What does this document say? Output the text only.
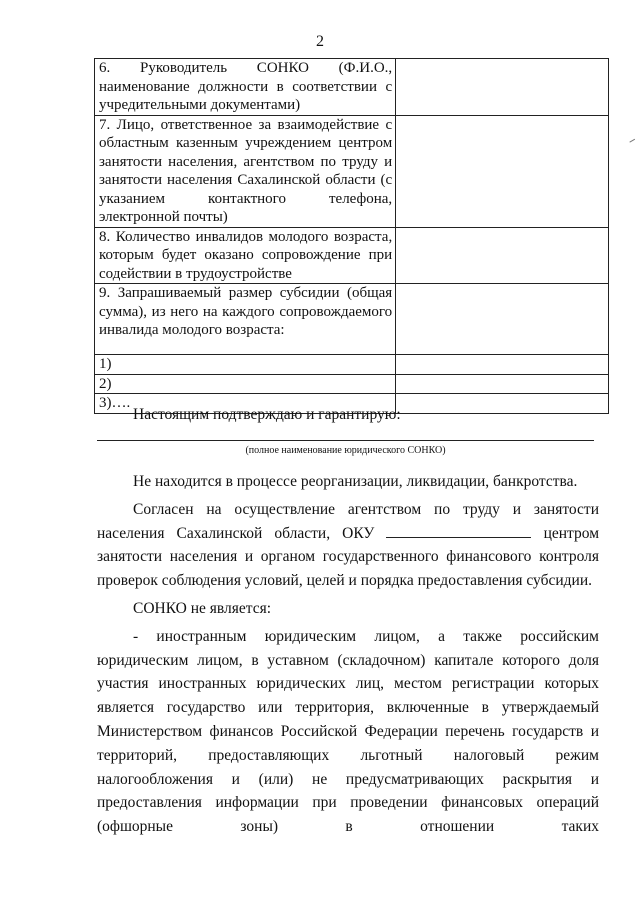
2
6. Руководитель СОНКО (Ф.И.О., наименование должности в соответствии с учредительными документами)	
7. Лицо, ответственное за взаимодействие с областным казенным учреждением центром занятости населения, агентством по труду и занятости населения Сахалинской области (с указанием контактного телефона, электронной почты)	
8. Количество инвалидов молодого возраста, которым будет оказано сопровождение при содействии в трудоустройстве	
9. Запрашиваемый размер субсидии (общая сумма), из него на каждого сопровождаемого инвалида молодого возраста:	
1)	
2)	
3)….	

Настоящим подтверждаю и гарантирую:

(полное наименование юридического СОНКО)

Не находится в процессе реорганизации, ликвидации, банкротства.

Согласен на осуществление агентством по труду и занятости населения Сахалинской области, ОКУ	центром занятости населения и органом государственного финансового контроля проверок соблюдения условий, целей и порядка предоставления субсидии.

СОНКО не является:

- иностранным юридическим лицом, а также российским юридическим лицом, в уставном (складочном) капитале которого доля участия иностранных юридических лиц, местом регистрации которых является государство или территория, включенные в утверждаемый Министерством финансов Российской Федерации перечень государств и территорий, предоставляющих льготный налоговый режим налогообложения и (или) не предусматривающих раскрытия и предоставления информации при проведении финансовых операций (офшорные зоны) в отношении таких
